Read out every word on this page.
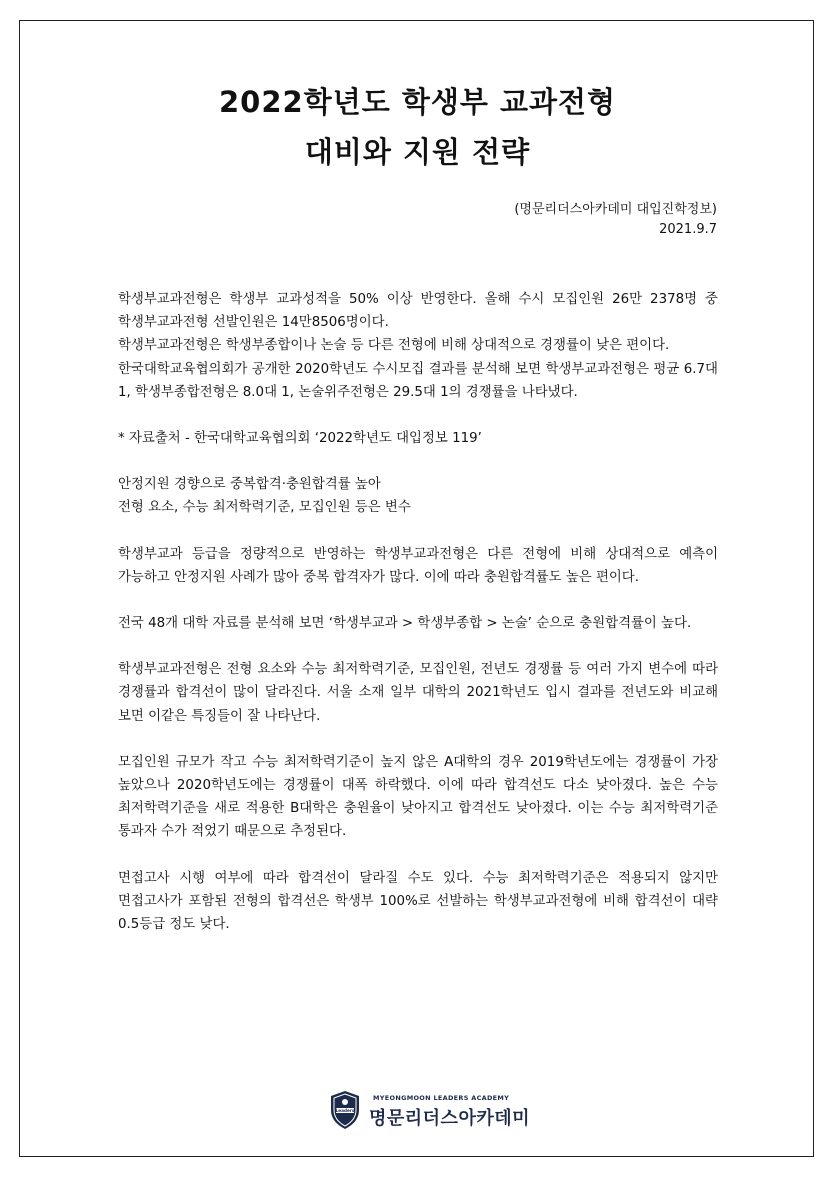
2022학년도 학생부 교과전형
대비와 지원 전략
(명문리더스아카데미 대입진학정보)
2021.9.7

학생부교과전형은 학생부 교과성적을 50% 이상 반영한다. 올해 수시 모집인원 26만 2378명 중 학생부교과전형 선발인원은 14만8506명이다.

학생부교과전형은 학생부종합이나 논술 등 다른 전형에 비해 상대적으로 경쟁률이 낮은 편이다.

한국대학교육협의회가 공개한 2020학년도 수시모집 결과를 분석해 보면 학생부교과전형은 평균 6.7대 1, 학생부종합전형은 8.0대 1, 논술위주전형은 29.5대 1의 경쟁률을 나타냈다.

* 자료출처 - 한국대학교육협의회 ‘2022학년도 대입정보 119’

안정지원 경향으로 중복합격·충원합격률 높아

전형 요소, 수능 최저학력기준, 모집인원 등은 변수

학생부교과 등급을 정량적으로 반영하는 학생부교과전형은 다른 전형에 비해 상대적으로 예측이 가능하고 안정지원 사례가 많아 중복 합격자가 많다. 이에 따라 충원합격률도 높은 편이다.

전국 48개 대학 자료를 분석해 보면 ‘학생부교과 > 학생부종합 > 논술’ 순으로 충원합격률이 높다.

학생부교과전형은 전형 요소와 수능 최저학력기준, 모집인원, 전년도 경쟁률 등 여러 가지 변수에 따라 경쟁률과 합격선이 많이 달라진다. 서울 소재 일부 대학의 2021학년도 입시 결과를 전년도와 비교해 보면 이같은 특징들이 잘 나타난다.

모집인원 규모가 작고 수능 최저학력기준이 높지 않은 A대학의 경우 2019학년도에는 경쟁률이 가장 높았으나 2020학년도에는 경쟁률이 대폭 하락했다. 이에 따라 합격선도 다소 낮아졌다. 높은 수능 최저학력기준을 새로 적용한 B대학은 충원율이 낮아지고 합격선도 낮아졌다. 이는 수능 최저학력기준 통과자 수가 적었기 때문으로 추정된다.

면접고사 시행 여부에 따라 합격선이 달라질 수도 있다. 수능 최저학력기준은 적용되지 않지만 면접고사가 포함된 전형의 합격선은 학생부 100%로 선발하는 학생부교과전형에 비해 합격선이 대략 0.5등급 정도 낮다.

Leaders
MYEONGMOON LEADERS ACADEMY
명문리더스아카데미
